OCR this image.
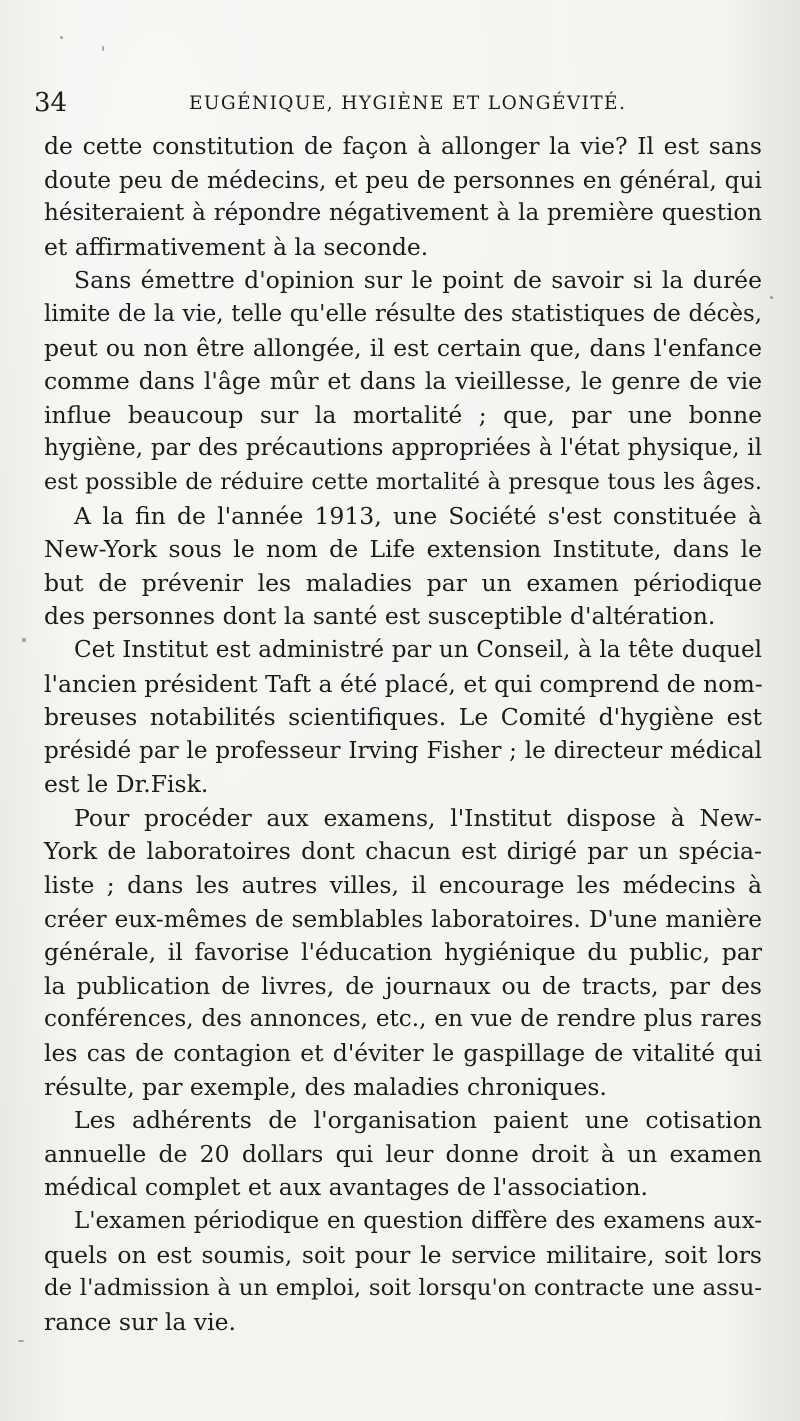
34	EUGÉNIQUE, HYGIÈNE ET LONGÉVITÉ.

de cette constitution de façon à allonger la vie? Il est sans
doute peu de médecins, et peu de personnes en général, qui
hésiteraient à répondre négativement à la première question
et affirmativement à la seconde.

Sans émettre d'opinion sur le point de savoir si la durée
limite de la vie, telle qu'elle résulte des statistiques de décès,
peut ou non être allongée, il est certain que, dans l'enfance
comme dans l'âge mûr et dans la vieillesse, le genre de vie
influe beaucoup sur la mortalité ; que, par une bonne
hygiène, par des précautions appropriées à l'état physique, il
est possible de réduire cette mortalité à presque tous les âges.

A la fin de l'année 1913, une Société s'est constituée à
New-York sous le nom de Life extension Institute, dans le
but de prévenir les maladies par un examen périodique
des personnes dont la santé est susceptible d'altération.

Cet Institut est administré par un Conseil, à la tête duquel
l'ancien président Taft a été placé, et qui comprend de nom-
breuses notabilités scientifiques. Le Comité d'hygiène est
présidé par le professeur Irving Fisher ; le directeur médical
est le Dr.Fisk.

Pour procéder aux examens, l'Institut dispose à New-
York de laboratoires dont chacun est dirigé par un spécia-
liste ; dans les autres villes, il encourage les médecins à
créer eux-mêmes de semblables laboratoires. D'une manière
générale, il favorise l'éducation hygiénique du public, par
la publication de livres, de journaux ou de tracts, par des
conférences, des annonces, etc., en vue de rendre plus rares
les cas de contagion et d'éviter le gaspillage de vitalité qui
résulte, par exemple, des maladies chroniques.

Les adhérents de l'organisation paient une cotisation
annuelle de 20 dollars qui leur donne droit à un examen
médical complet et aux avantages de l'association.

L'examen périodique en question diffère des examens aux-
quels on est soumis, soit pour le service militaire, soit lors
de l'admission à un emploi, soit lorsqu'on contracte une assu-
rance sur la vie.
